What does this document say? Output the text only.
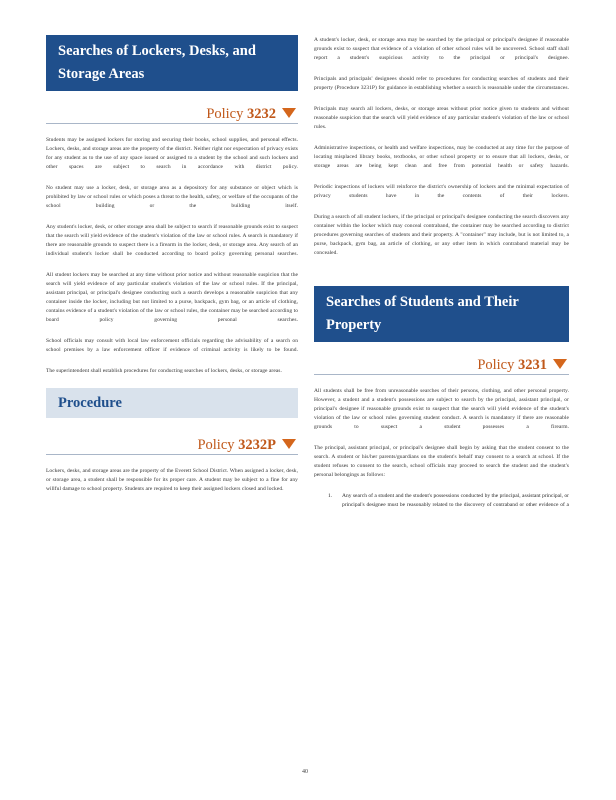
Searches of Lockers, Desks, and Storage Areas
Policy 3232

Students may be assigned lockers for storing and securing their books, school supplies, and personal effects. Lockers, desks, and storage areas are the property of the district. Neither right nor expectation of privacy exists for any student as to the use of any space issued or assigned to a student by the school and such lockers and other spaces are subject to search in accordance with district policy.

No student may use a locker, desk, or storage area as a depository for any substance or object which is prohibited by law or school rules or which poses a threat to the health, safety, or welfare of the occupants of the school building or the building itself.

Any student's locker, desk, or other storage area shall be subject to search if reasonable grounds exist to suspect that the search will yield evidence of the student's violation of the law or school rules. A search is mandatory if there are reasonable grounds to suspect there is a firearm in the locker, desk, or storage area. Any search of an individual student's locker shall be conducted according to board policy governing personal searches.

All student lockers may be searched at any time without prior notice and without reasonable suspicion that the search will yield evidence of any particular student's violation of the law or school rules. If the principal, assistant principal, or principal's designee conducting such a search develops a reasonable suspicion that any container inside the locker, including but not limited to a purse, backpack, gym bag, or an article of clothing, contains evidence of a student's violation of the law or school rules, the container may be searched according to board policy governing personal searches.

School officials may consult with local law enforcement officials regarding the advisability of a search on school premises by a law enforcement officer if evidence of criminal activity is likely to be found.

The superintendent shall establish procedures for conducting searches of lockers, desks, or storage areas.

Procedure
Policy 3232P

Lockers, desks, and storage areas are the property of the Everett School District. When assigned a locker, desk, or storage area, a student shall be responsible for its proper care. A student may be subject to a fine for any willful damage to school property. Students are required to keep their assigned lockers closed and locked.

A student's locker, desk, or storage area may be searched by the principal or principal's designee if reasonable grounds exist to suspect that evidence of a violation of other school rules will be uncovered. School staff shall report a student's suspicious activity to the principal or principal's designee.

Principals and principals' designees should refer to procedures for conducting searches of students and their property (Procedure 3231P) for guidance in establishing whether a search is reasonable under the circumstances.

Principals may search all lockers, desks, or storage areas without prior notice given to students and without reasonable suspicion that the search will yield evidence of any particular student's violation of the law or school rules.

Administrative inspections, or health and welfare inspections, may be conducted at any time for the purpose of locating misplaced library books, textbooks, or other school property or to ensure that all lockers, desks, or storage areas are being kept clean and free from potential health or safety hazards.

Periodic inspections of lockers will reinforce the district's ownership of lockers and the minimal expectation of privacy students have in the contents of their lockers.

During a search of all student lockers, if the principal or principal's designee conducting the search discovers any container within the locker which may conceal contraband, the container may be searched according to district procedures governing searches of students and their property. A "container" may include, but is not limited to, a purse, backpack, gym bag, an article of clothing, or any other item in which contraband material may be concealed.

Searches of Students and Their Property
Policy 3231

All students shall be free from unreasonable searches of their persons, clothing, and other personal property. However, a student and a student's possessions are subject to search by the principal, assistant principal, or principal's designee if reasonable grounds exist to suspect that the search will yield evidence of the student's violation of the law or school rules governing student conduct. A search is mandatory if there are reasonable grounds to suspect a student possesses a firearm.

The principal, assistant principal, or principal's designee shall begin by asking that the student consent to the search. A student or his/her parents/guardians on the student's behalf may consent to a search at school. If the student refuses to consent to the search, school officials may proceed to search the student and the student's personal belongings as follows:

1.	Any search of a student and the student's possessions conducted by the principal, assistant principal, or principal's designee must be reasonably related to the discovery of contraband or other evidence of a
40
